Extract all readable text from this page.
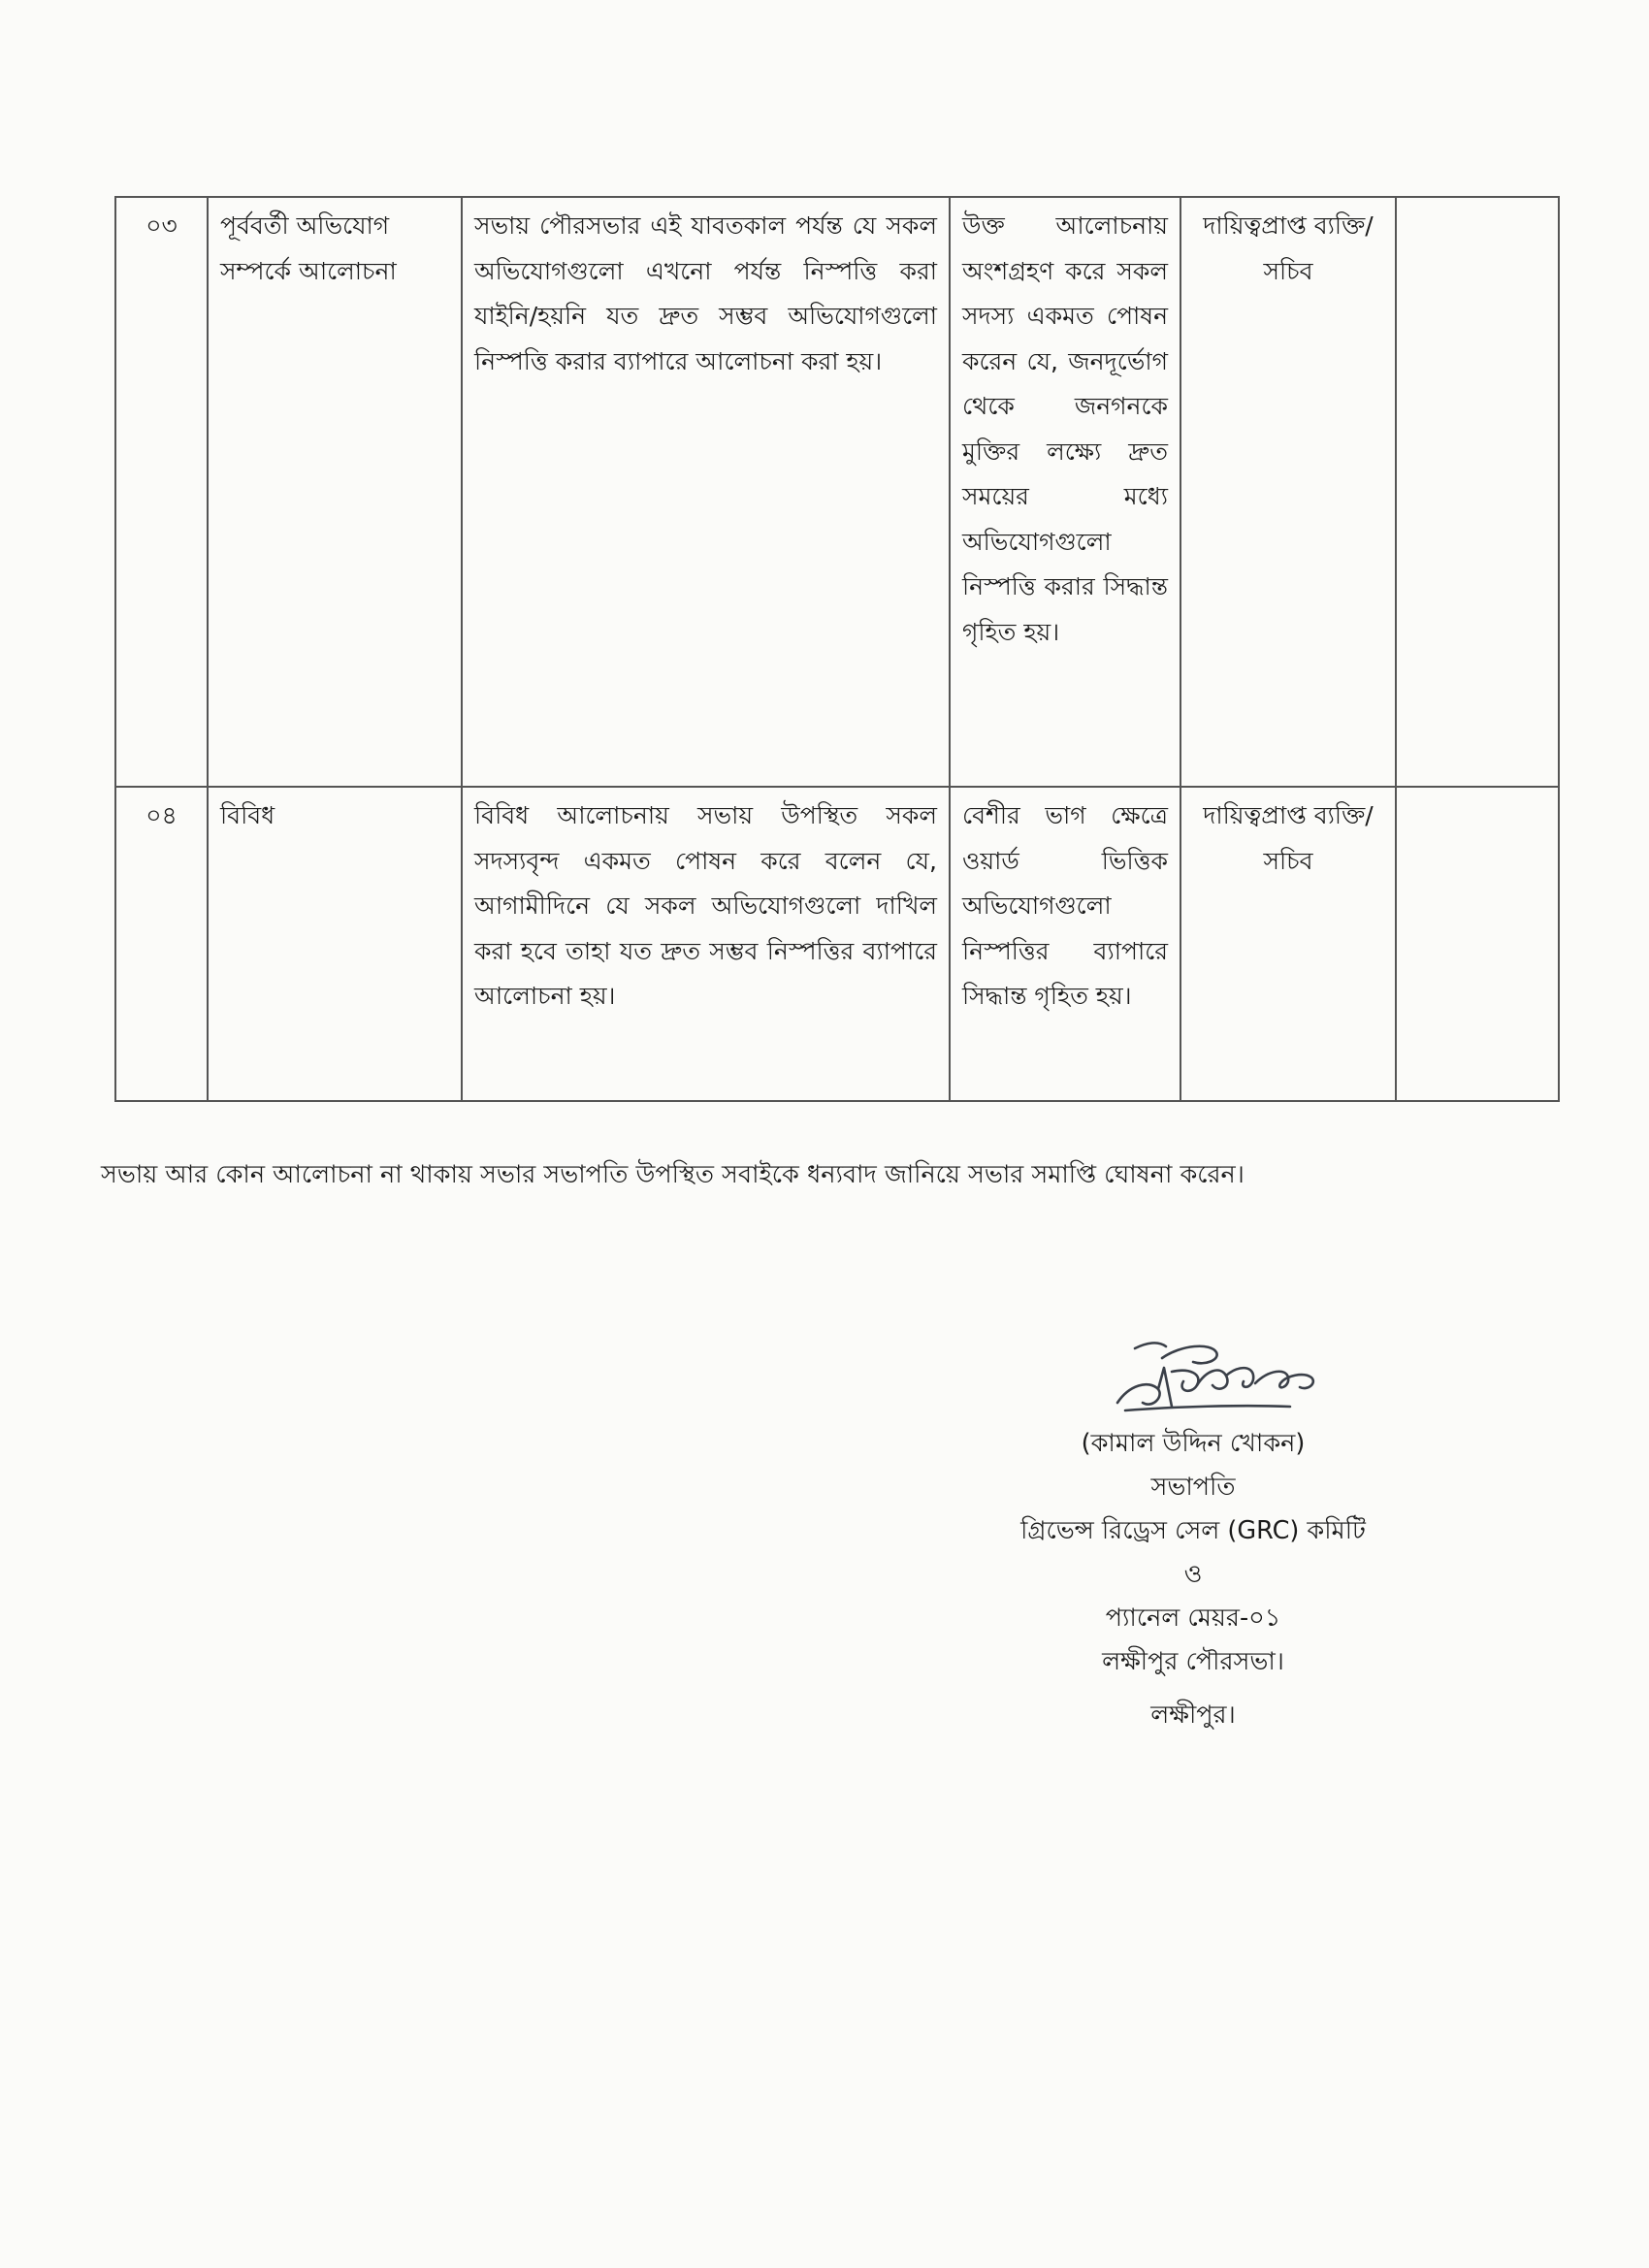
০৩	পূর্ববর্তী অভিযোগ সম্পর্কে আলোচনা	সভায় পৌরসভার এই যাবতকাল পর্যন্ত যে সকল অভিযোগগুলো এখনো পর্যন্ত নিস্পত্তি করা যাইনি/হয়নি যত দ্রুত সম্ভব অভিযোগগুলো নিস্পত্তি করার ব্যাপারে আলোচনা করা হয়।	উক্ত আলোচনায় অংশগ্রহণ করে সকল সদস্য একমত পোষন করেন যে, জনদূর্ভোগ থেকে জনগনকে মুক্তির লক্ষ্যে দ্রুত সময়ের মধ্যে অভিযোগগুলো নিস্পত্তি করার সিদ্ধান্ত গৃহিত হয়।	দায়িত্বপ্রাপ্ত ব্যক্তি/ সচিব	
০৪	বিবিধ	বিবিধ আলোচনায় সভায় উপস্থিত সকল সদস্যবৃন্দ একমত পোষন করে বলেন যে, আগামীদিনে যে সকল অভিযোগগুলো দাখিল করা হবে তাহা যত দ্রুত সম্ভব নিস্পত্তির ব্যাপারে আলোচনা হয়।	বেশীর ভাগ ক্ষেত্রে ওয়ার্ড ভিত্তিক অভিযোগগুলো নিস্পত্তির ব্যাপারে সিদ্ধান্ত গৃহিত হয়।	দায়িত্বপ্রাপ্ত ব্যক্তি/ সচিব	
সভায় আর কোন আলোচনা না থাকায় সভার সভাপতি উপস্থিত সবাইকে ধন্যবাদ জানিয়ে সভার সমাপ্তি ঘোষনা করেন।
(কামাল উদ্দিন খোকন)
সভাপতি
গ্রিভেন্স রিড্রেস সেল (GRC) কমিটি
ও
প্যানেল মেয়র-০১
লক্ষীপুর পৌরসভা।
লক্ষীপুর।
